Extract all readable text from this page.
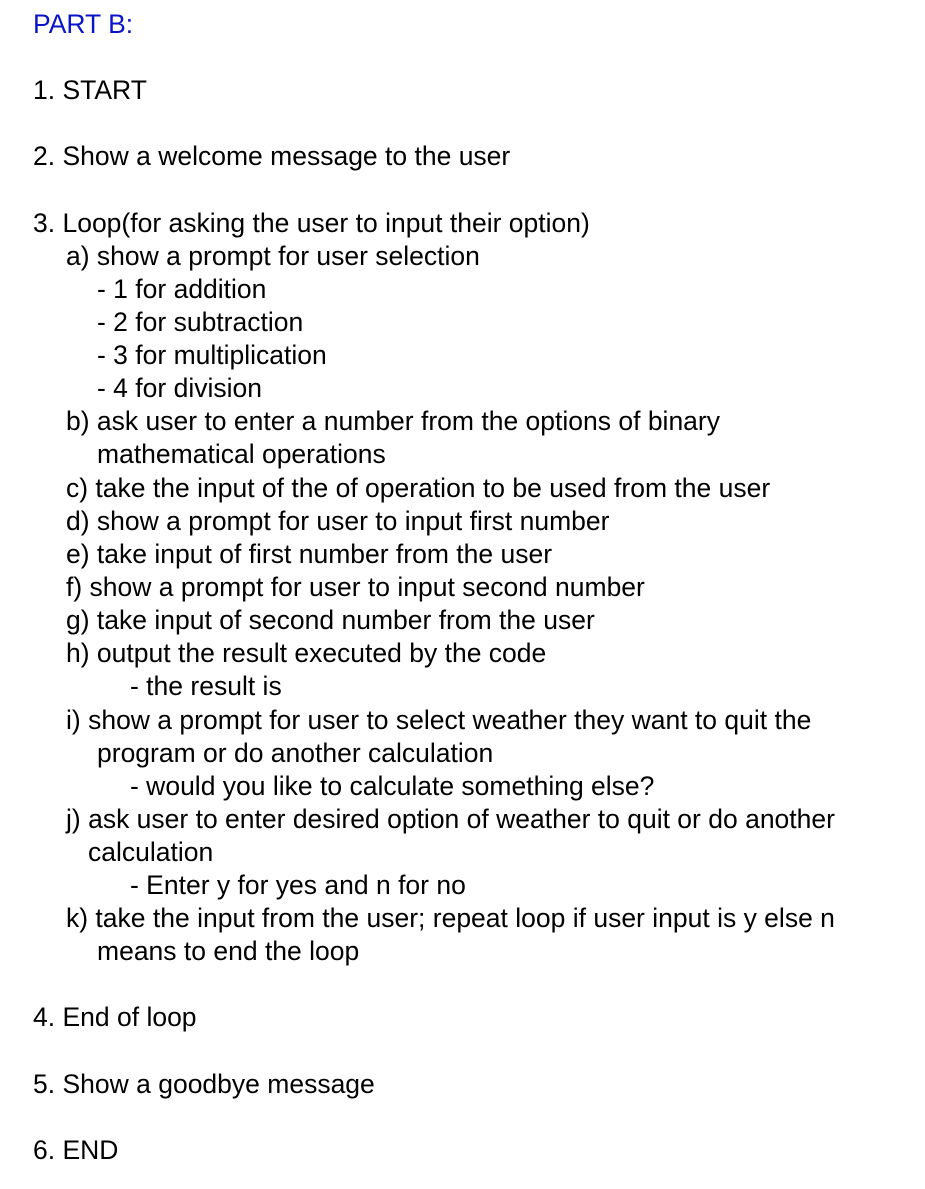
PART B:
1. START
2. Show a welcome message to the user
3. Loop(for asking the user to input their option)
a) show a prompt for user selection
- 1 for addition
- 2 for subtraction
- 3 for multiplication
- 4 for division
b) ask user to enter a number from the options of binary
mathematical operations
c) take the input of the of operation to be used from the user
d) show a prompt for user to input first number
e) take input of first number from the user
f) show a prompt for user to input second number
g) take input of second number from the user
h) output the result executed by the code
- the result is
i) show a prompt for user to select weather they want to quit the
program or do another calculation
- would you like to calculate something else?
j) ask user to enter desired option of weather to quit or do another
calculation
- Enter y for yes and n for no
k) take the input from the user; repeat loop if user input is y else n
means to end the loop
4. End of loop
5. Show a goodbye message
6. END
